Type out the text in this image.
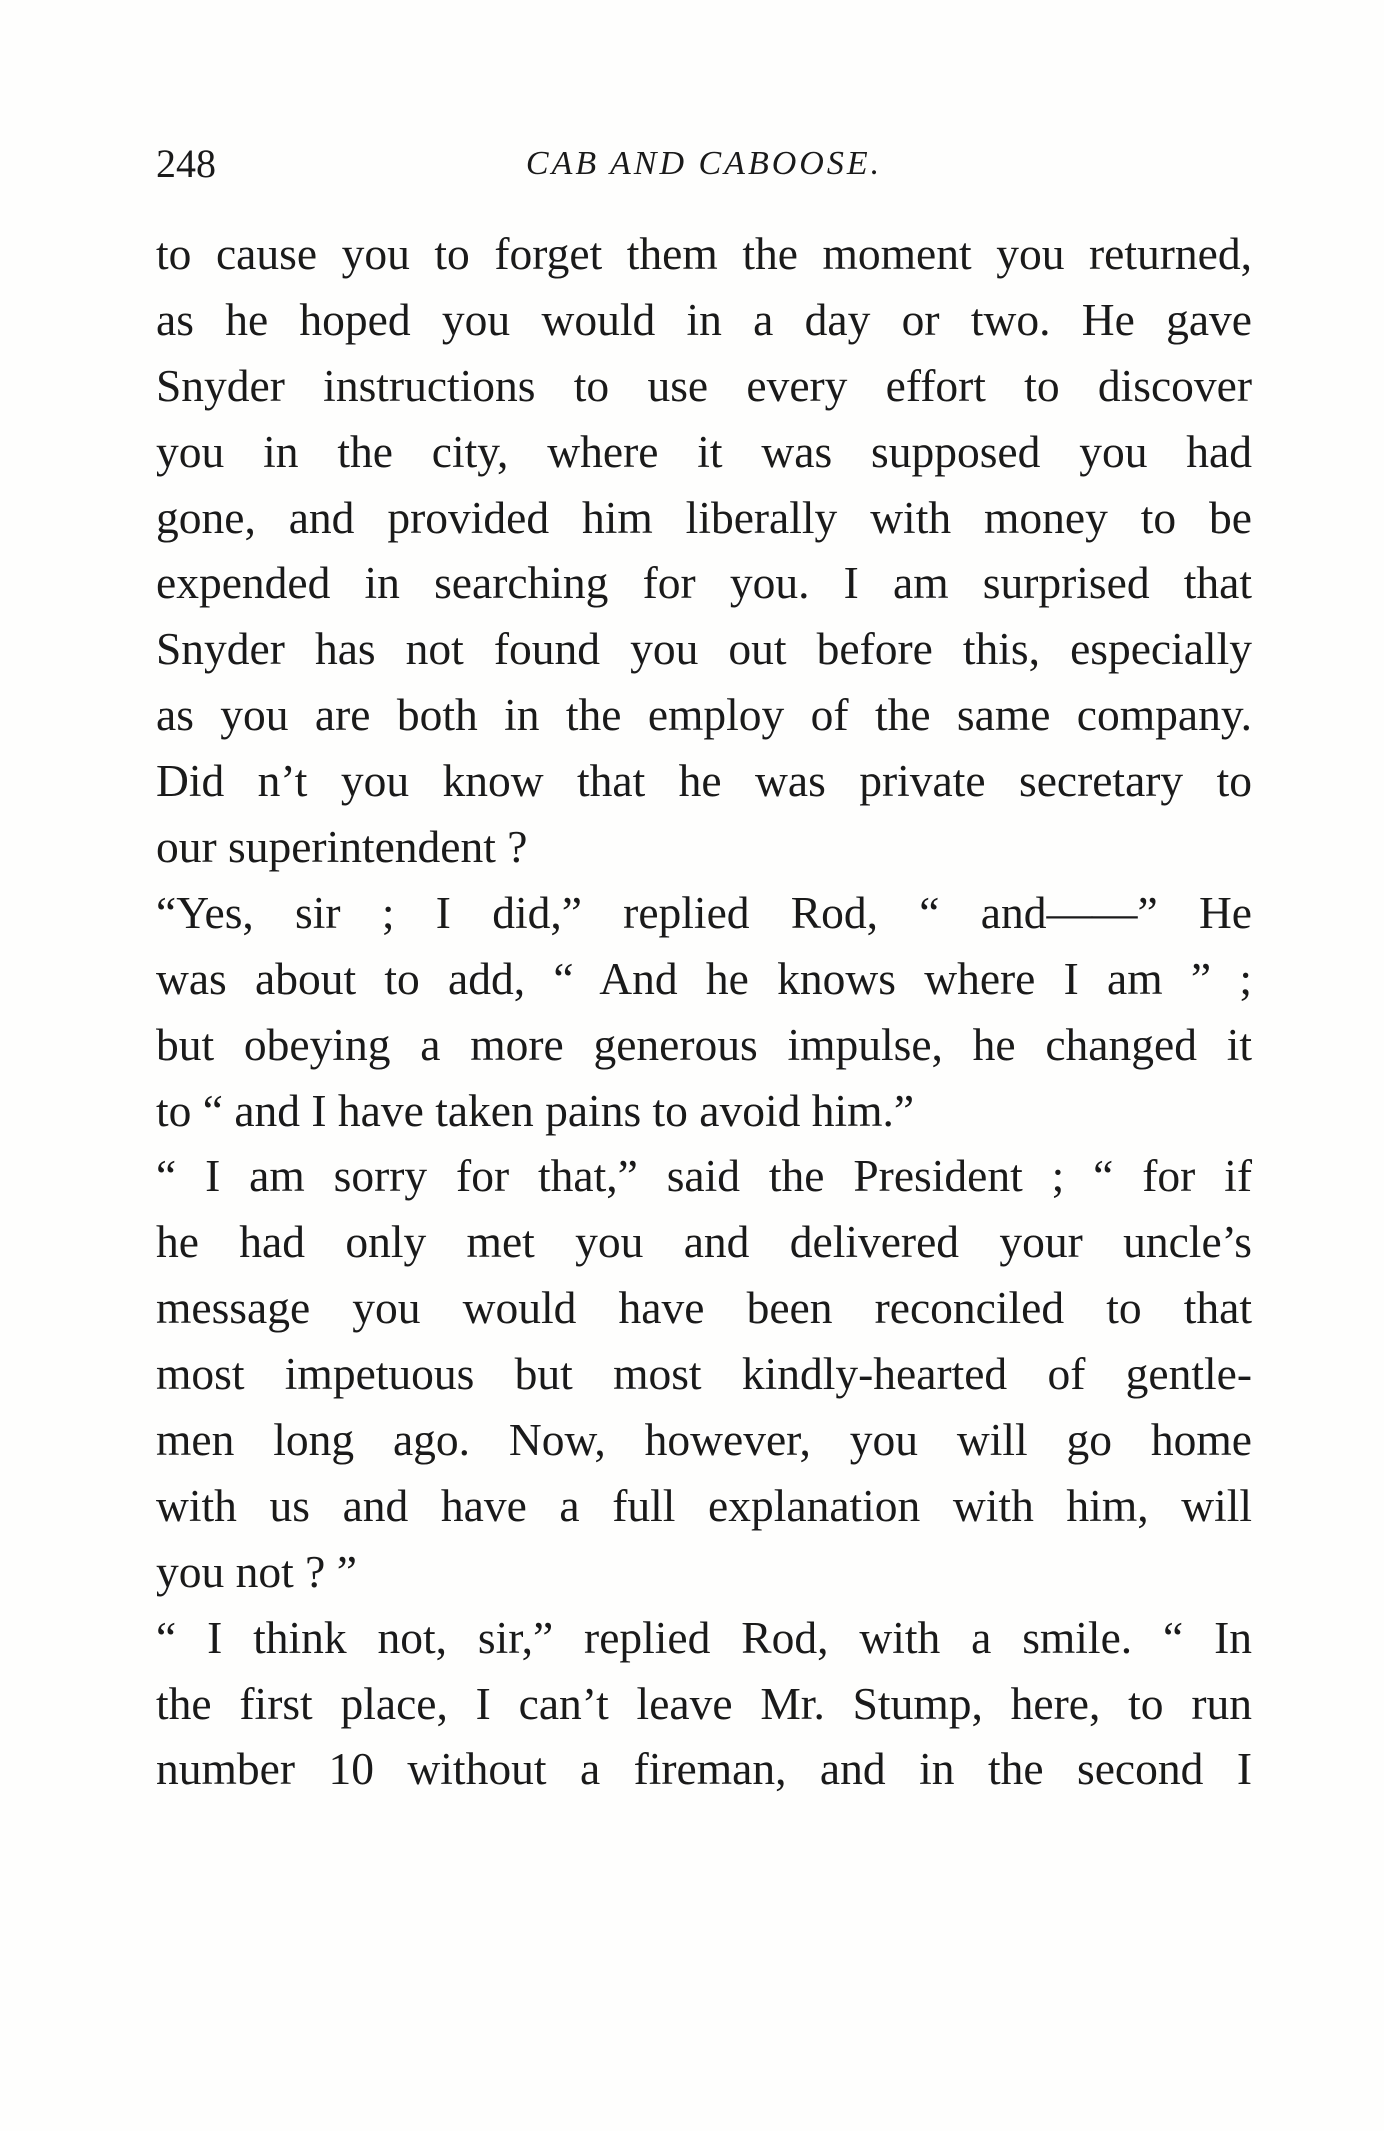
248	CAB AND CABOOSE.
to cause you to forget them the moment you returned,
as he hoped you would in a day or two. He gave
Snyder instructions to use every effort to discover
you in the city, where it was supposed you had
gone, and provided him liberally with money to be
expended in searching for you. I am surprised that
Snyder has not found you out before this, especially
as you are both in the employ of the same company.
Did n’t you know that he was private secretary to
our superintendent ?
“Yes, sir ; I did,” replied Rod, “ and——” He
was about to add, “ And he knows where I am ” ;
but obeying a more generous impulse, he changed it
to “ and I have taken pains to avoid him.”
“ I am sorry for that,” said the President ; “ for if
he had only met you and delivered your uncle’s
message you would have been reconciled to that
most impetuous but most kindly-hearted of gentle-
men long ago. Now, however, you will go home
with us and have a full explanation with him, will
you not ? ”
“ I think not, sir,” replied Rod, with a smile. “ In
the first place, I can’t leave Mr. Stump, here, to run
number 10 without a fireman, and in the second I
